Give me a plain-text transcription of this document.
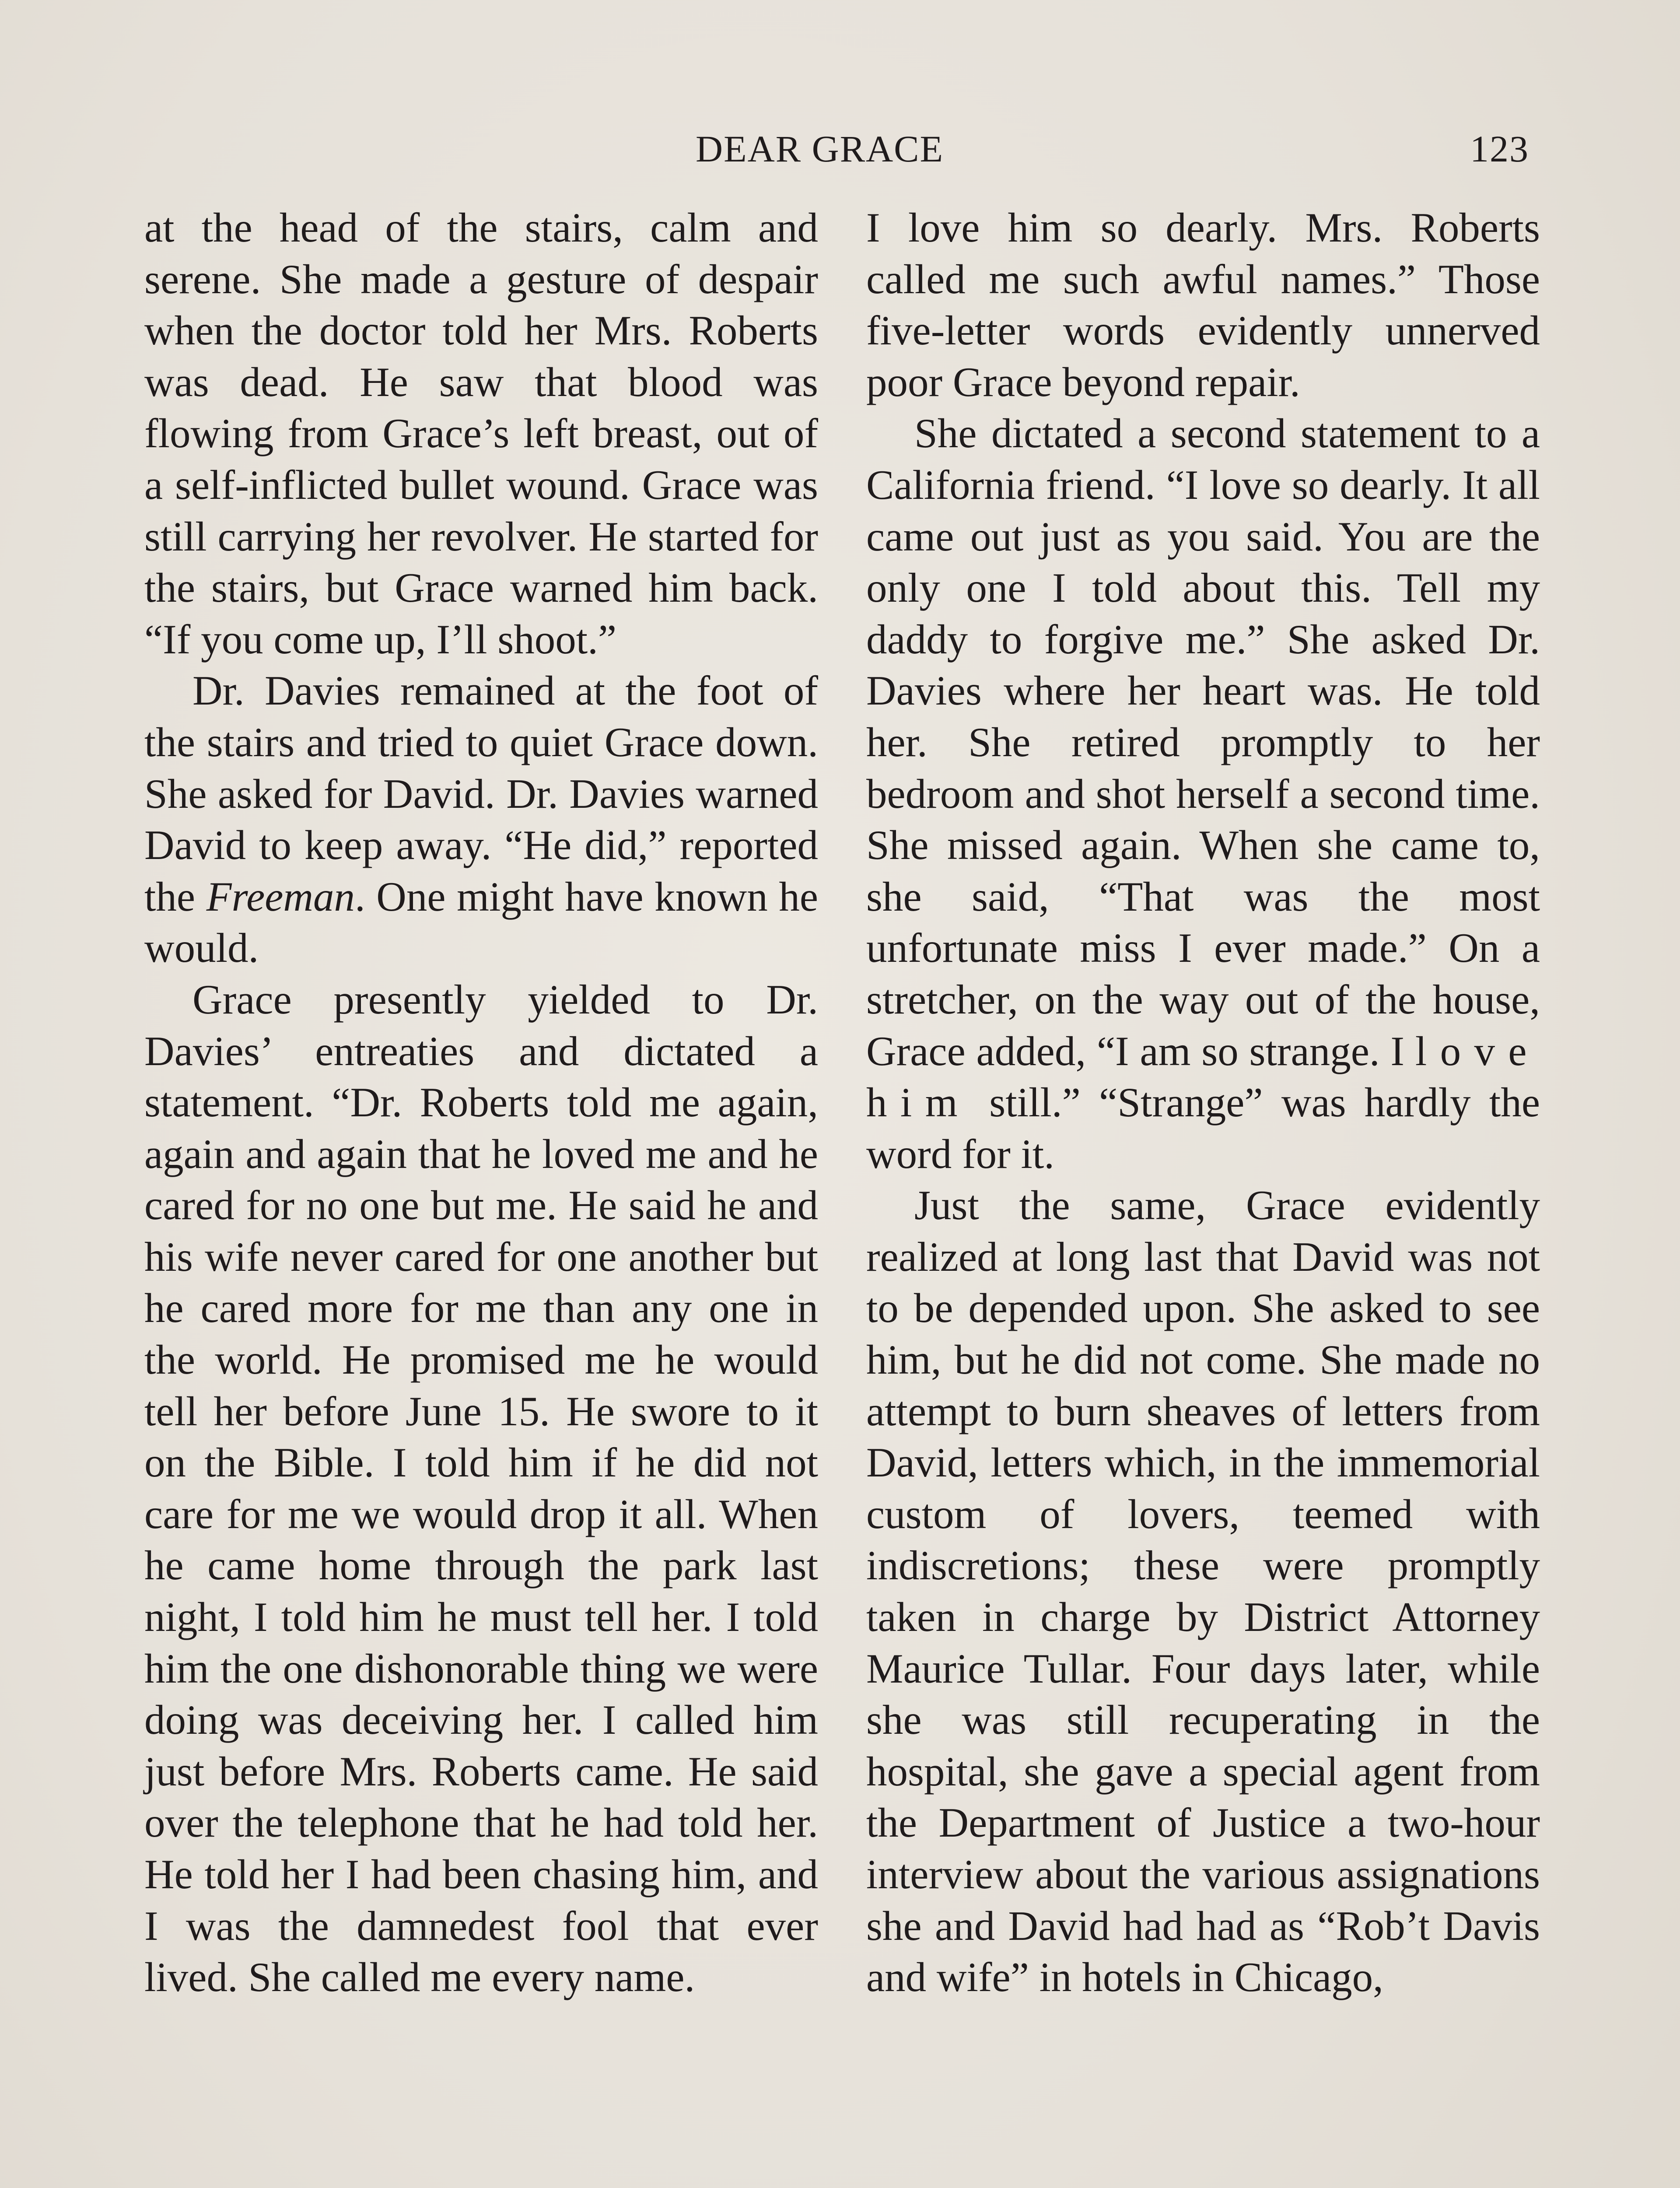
DEAR GRACE	123

at the head of the stairs, calm and serene. She made a gesture of despair when the doctor told her Mrs. Roberts was dead. He saw that blood was flowing from Grace’s left breast, out of a self-inflicted bullet wound. Grace was still carrying her revolver. He started for the stairs, but Grace warned him back. “If you come up, I’ll shoot.”

Dr. Davies remained at the foot of the stairs and tried to quiet Grace down. She asked for David. Dr. Davies warned David to keep away. “He did,” reported the Freeman. One might have known he would.

Grace presently yielded to Dr. Davies’ entreaties and dictated a statement. “Dr. Roberts told me again, again and again that he loved me and he cared for no one but me. He said he and his wife never cared for one another but he cared more for me than any one in the world. He promised me he would tell her before June 15. He swore to it on the Bible. I told him if he did not care for me we would drop it all. When he came home through the park last night, I told him he must tell her. I told him the one dishonorable thing we were doing was deceiving her. I called him just before Mrs. Roberts came. He said over the telephone that he had told her. He told her I had been chasing him, and I was the damnedest fool that ever lived. She called me every name.

I love him so dearly. Mrs. Roberts called me such awful names.” Those five-letter words evidently unnerved poor Grace beyond repair.

She dictated a second statement to a California friend. “I love so dearly. It all came out just as you said. You are the only one I told about this. Tell my daddy to forgive me.” She asked Dr. Davies where her heart was. He told her. She retired promptly to her bedroom and shot herself a second time. She missed again. When she came to, she said, “That was the most unfortunate miss I ever made.” On a stretcher, on the way out of the house, Grace added, “I am so strange. I love him still.” “Strange” was hardly the word for it.

Just the same, Grace evidently realized at long last that David was not to be depended upon. She asked to see him, but he did not come. She made no attempt to burn sheaves of letters from David, letters which, in the immemorial custom of lovers, teemed with indiscretions; these were promptly taken in charge by District Attorney Maurice Tullar. Four days later, while she was still recuperating in the hospital, she gave a special agent from the Department of Justice a two-hour interview about the various assignations she and David had had as “Rob’t Davis and wife” in hotels in Chicago,
